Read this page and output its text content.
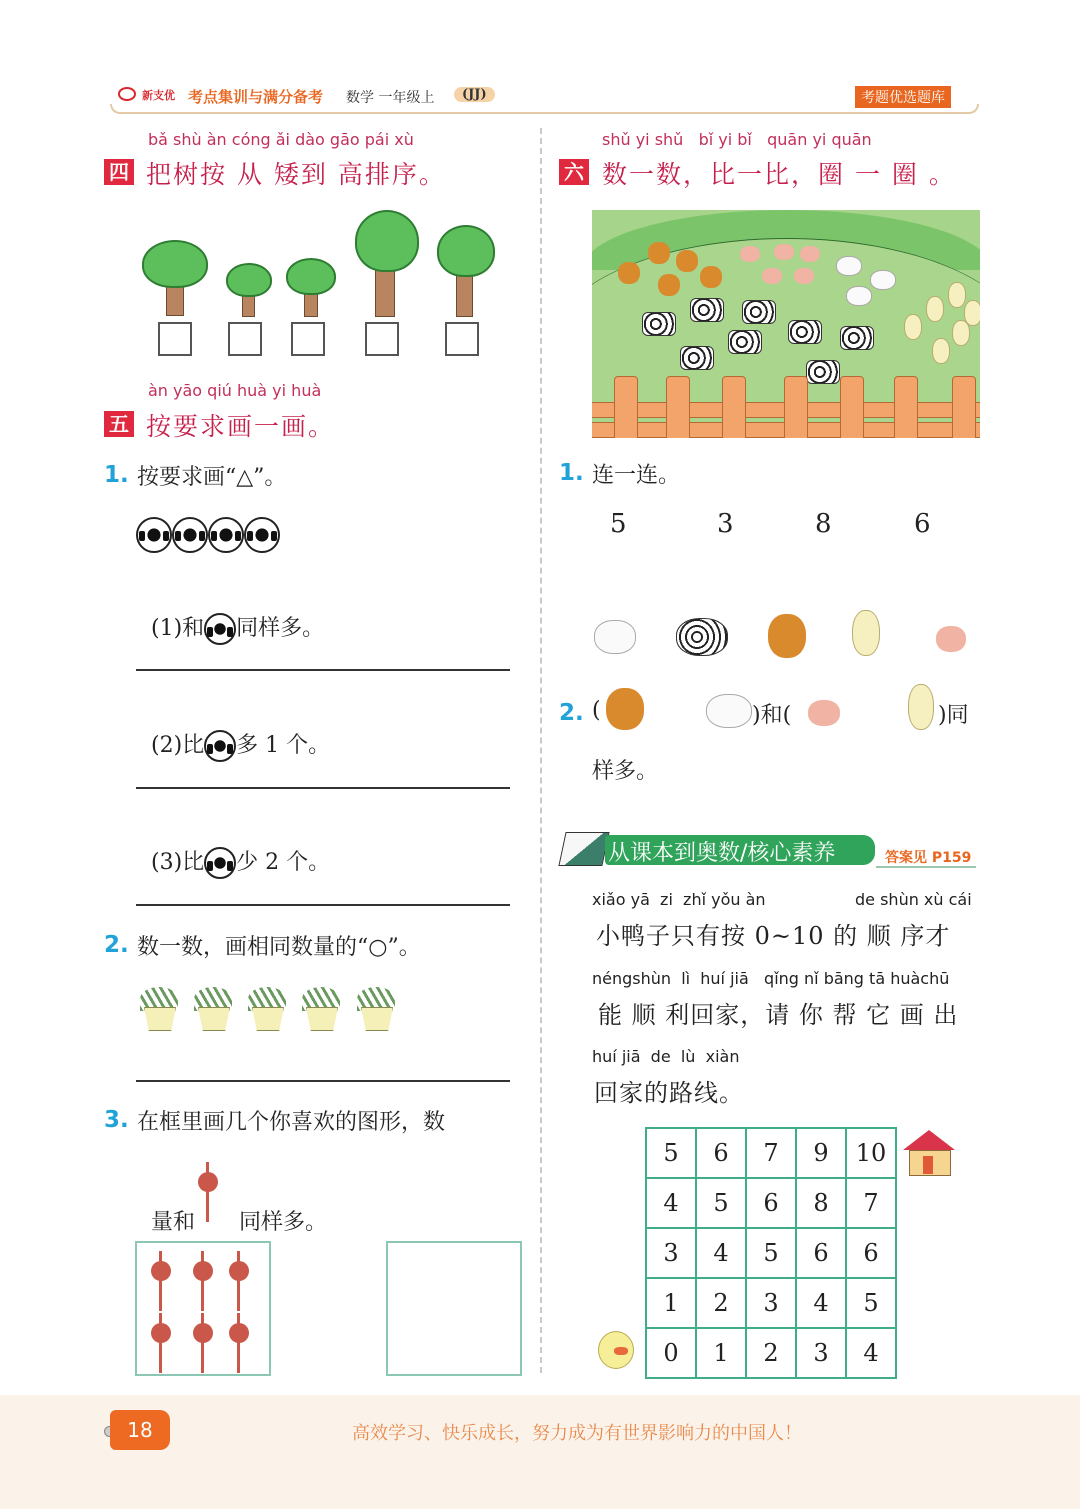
新支优 考点集训与满分备考 数学 一年级上	(JJ)	考题优选题库
bǎ shù àn cóng ǎi dào gāo pái xù
四 把树按 从 矮到 高排序。
àn yāo qiú huà yi huà
五 按要求画一画。
1. 按要求画“△”。

(1)和 同样多。

(2)比 多 1 个。

(3)比 少 2 个。

2. 数一数，画相同数量的“○”。
3. 在框里画几个你喜欢的图形，数

量和 同样多。

shǔ yi shǔ   bǐ yi bǐ   quān yi quān
六 数一数，比一比，圈 一 圈 。
1. 连一连。
5	3	8	6
2. (	)和(	)同
样多。
从课本到奥数/核心素养	答案见 P159
xiǎo yā  zi  zhǐ yǒu àn	de shùn xù cái
小鸭子只有按 0~10 的 顺 序才
néngshùn  lì  huí jiā   qǐng nǐ bāng tā huàchū
能 顺 利回家，请 你 帮 它 画 出
huí jiā  de  lù  xiàn
回家的路线。
5	6	7	9	10
4	5	6	8	7
3	4	5	6	6
1	2	3	4	5
0	1	2	3	4
18	高效学习、快乐成长，努力成为有世界影响力的中国人！
